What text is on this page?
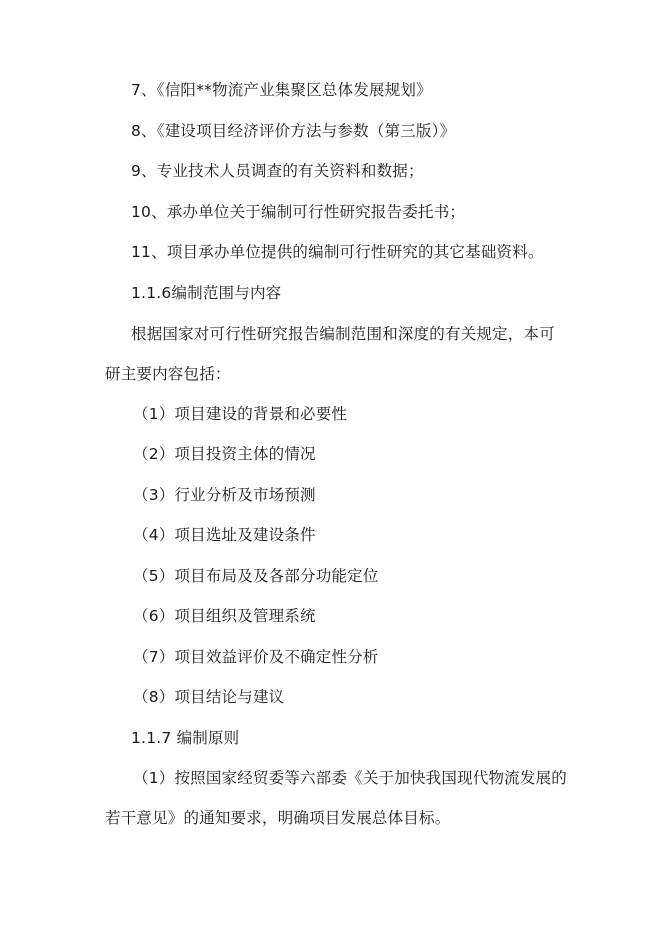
7、《信阳**物流产业集聚区总体发展规划》
8、《建设项目经济评价方法与参数（第三版）》
9、专业技术人员调查的有关资料和数据；
10、承办单位关于编制可行性研究报告委托书；
11、项目承办单位提供的编制可行性研究的其它基础资料。
1.1.6编制范围与内容
根据国家对可行性研究报告编制范围和深度的有关规定，本可
研主要内容包括：
（1）项目建设的背景和必要性
（2）项目投资主体的情况
（3）行业分析及市场预测
（4）项目选址及建设条件
（5）项目布局及及各部分功能定位
（6）项目组织及管理系统
（7）项目效益评价及不确定性分析
（8）项目结论与建议
1.1.7 编制原则
（1）按照国家经贸委等六部委《关于加快我国现代物流发展的
若干意见》的通知要求，明确项目发展总体目标。
